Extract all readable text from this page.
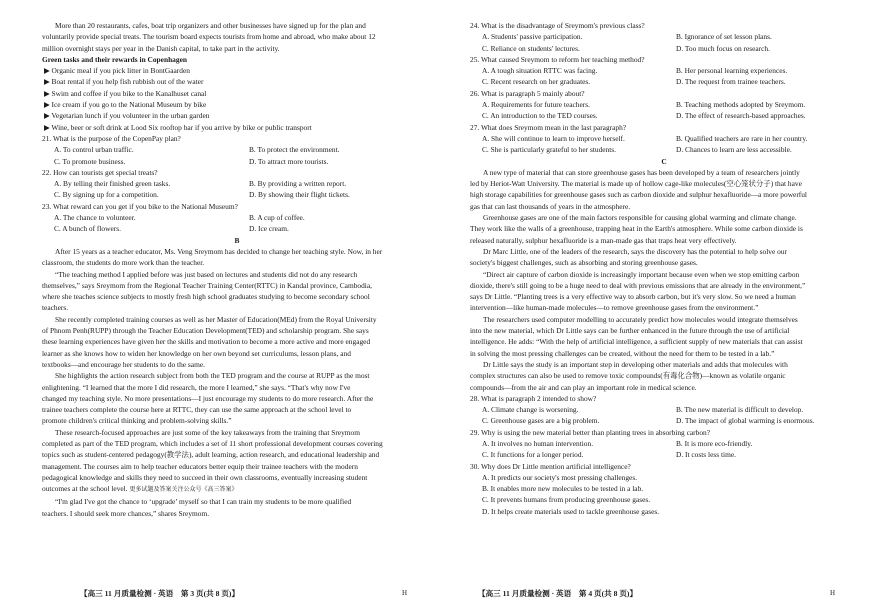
More than 20 restaurants, cafes, boat trip organizers and other businesses have signed up for the plan and
voluntarily provide special treats. The tourism board expects tourists from home and abroad, who make about 12
million overnight stays per year in the Danish capital, to take part in the activity.
Green tasks and their rewards in Copenhagen
▶ Organic meal if you pick litter in BontGaarden
▶ Boat rental if you help fish rubbish out of the water
▶ Swim and coffee if you bike to the Kanalhuset canal
▶ Ice cream if you go to the National Museum by bike
▶ Vegetarian lunch if you volunteer in the urban garden
▶ Wine, beer or soft drink at Lood Six rooftop bar if you arrive by bike or public transport
21. What is the purpose of the CopenPay plan?
A. To control urban traffic.	B. To protect the environment.
C. To promote business.	D. To attract more tourists.
22. How can tourists get special treats?
A. By telling their finished green tasks.	B. By providing a written report.
C. By signing up for a competition.	D. By showing their flight tickets.
23. What reward can you get if you bike to the National Museum?
A. The chance to volunteer.	B. A cup of coffee.
C. A bunch of flowers.	D. Ice cream.
B
After 15 years as a teacher educator, Ms. Veng Sreymom has decided to change her teaching style. Now, in her
classroom, the students do more work than the teacher.
“The teaching method I applied before was just based on lectures and students did not do any research
themselves,” says Sreymom from the Regional Teacher Training Center(RTTC) in Kandal province, Cambodia,
where she teaches science subjects to mostly fresh high school graduates studying to become secondary school
teachers.
She recently completed training courses as well as her Master of Education(MEd) from the Royal University
of Phnom Penh(RUPP) through the Teacher Education Development(TED) and scholarship program. She says
these learning experiences have given her the skills and motivation to become a more active and more engaged
learner as she knows how to widen her knowledge on her own beyond set curriculums, lesson plans, and
textbooks—and encourage her students to do the same.
She highlights the action research subject from both the TED program and the course at RUPP as the most
enlightening. “I learned that the more I did research, the more I learned,” she says. “That's why now I've
changed my teaching style. No more presentations—I just encourage my students to do more research. After the
trainee teachers complete the course here at RTTC, they can use the same approach at the school level to
promote children's critical thinking and problem-solving skills.”
These research-focused approaches are just some of the key takeaways from the training that Sreymom
completed as part of the TED program, which includes a set of 11 short professional development courses covering
topics such as student-centered pedagogy(教学法), adult learning, action research, and educational leadership and
management. The courses aim to help teacher educators better equip their trainee teachers with the modern
pedagogical knowledge and skills they need to succeed in their own classrooms, eventually increasing student
outcomes at the school level. 更多试题及答案关注公众号《高三答案》
“I'm glad I've got the chance to ‘upgrade’ myself so that I can train my students to be more qualified
teachers. I should seek more chances,” shares Sreymom.
24. What is the disadvantage of Sreymom's previous class?
A. Students' passive participation.	B. Ignorance of set lesson plans.
C. Reliance on students' lectures.	D. Too much focus on research.
25. What caused Sreymom to reform her teaching method?
A. A tough situation RTTC was facing.	B. Her personal learning experiences.
C. Recent research on her graduates.	D. The request from trainee teachers.
26. What is paragraph 5 mainly about?
A. Requirements for future teachers.	B. Teaching methods adopted by Sreymom.
C. An introduction to the TED courses.	D. The effect of research-based approaches.
27. What does Sreymom mean in the last paragraph?
A. She will continue to learn to improve herself.	B. Qualified teachers are rare in her country.
C. She is particularly grateful to her students.	D. Chances to learn are less accessible.
C
A new type of material that can store greenhouse gases has been developed by a team of researchers jointly
led by Heriot-Watt University. The material is made up of hollow cage-like molecules(空心笼状分子) that have
high storage capabilities for greenhouse gases such as carbon dioxide and sulphur hexafluoride—a more powerful
gas that can last thousands of years in the atmosphere.
Greenhouse gases are one of the main factors responsible for causing global warming and climate change.
They work like the walls of a greenhouse, trapping heat in the Earth's atmosphere. While some carbon dioxide is
released naturally, sulphur hexafluoride is a man-made gas that traps heat very effectively.
Dr Marc Little, one of the leaders of the research, says the discovery has the potential to help solve our
society's biggest challenges, such as absorbing and storing greenhouse gases.
“Direct air capture of carbon dioxide is increasingly important because even when we stop emitting carbon
dioxide, there's still going to be a huge need to deal with previous emissions that are already in the environment,”
says Dr Little. “Planting trees is a very effective way to absorb carbon, but it's very slow. So we need a human
intervention—like human-made molecules—to remove greenhouse gases from the environment.”
The researchers used computer modelling to accurately predict how molecules would integrate themselves
into the new material, which Dr Little says can be further enhanced in the future through the use of artificial
intelligence. He adds: “With the help of artificial intelligence, a sufficient supply of new materials that can assist
in solving the most pressing challenges can be created, without the need for them to be tested in a lab.”
Dr Little says the study is an important step in developing other materials and adds that molecules with
complex structures can also be used to remove toxic compounds(有毒化合物)—known as volatile organic
compounds—from the air and can play an important role in medical science.
28. What is paragraph 2 intended to show?
A. Climate change is worsening.	B. The new material is difficult to develop.
C. Greenhouse gases are a big problem.	D. The impact of global warming is enormous.
29. Why is using the new material better than planting trees in absorbing carbon?
A. It involves no human intervention.	B. It is more eco-friendly.
C. It functions for a longer period.	D. It costs less time.
30. Why does Dr Little mention artificial intelligence?
A. It predicts our society's most pressing challenges.
B. It enables more new molecules to be tested in a lab.
C. It prevents humans from producing greenhouse gases.
D. It helps create materials used to tackle greenhouse gases.
【高三 11 月质量检测 · 英语　第 3 页(共 8 页)】	H	【高三 11 月质量检测 · 英语　第 4 页(共 8 页)】	H
